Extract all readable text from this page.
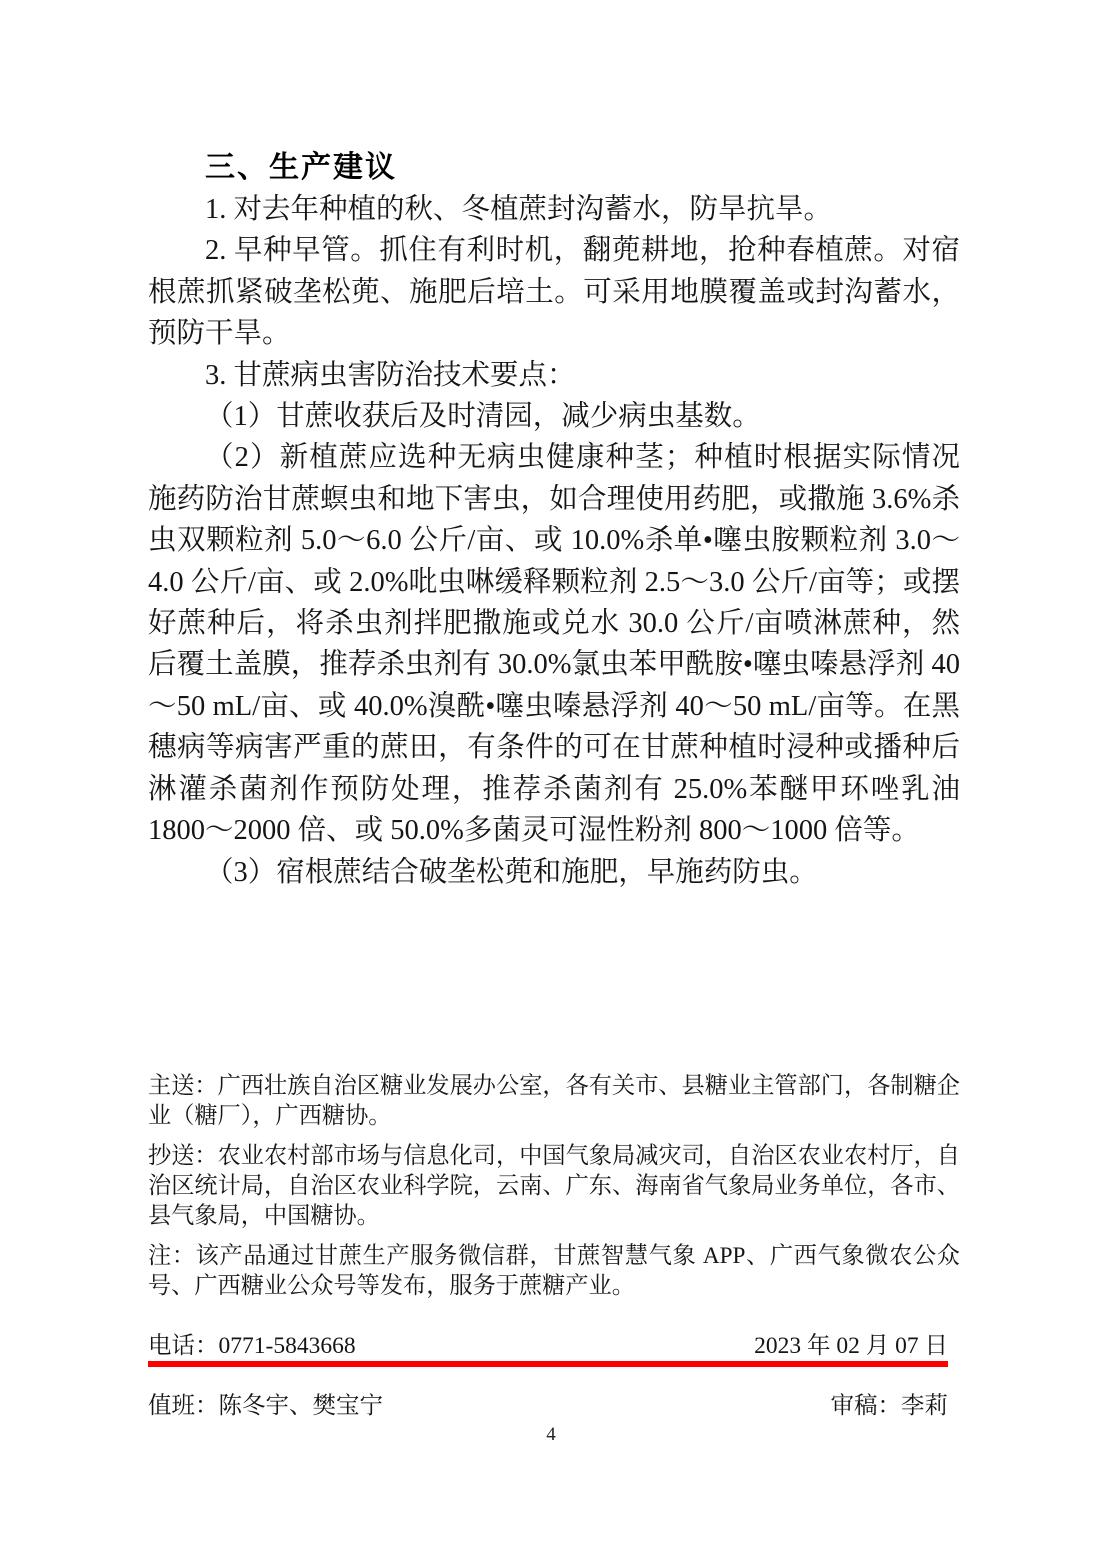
三、生产建议

1. 对去年种植的秋、冬植蔗封沟蓄水，防旱抗旱。

2. 早种早管。抓住有利时机，翻蔸耕地，抢种春植蔗。对宿根蔗抓紧破垄松蔸、施肥后培土。可采用地膜覆盖或封沟蓄水，预防干旱。

3. 甘蔗病虫害防治技术要点：

（1）甘蔗收获后及时清园，减少病虫基数。

（2）新植蔗应选种无病虫健康种茎；种植时根据实际情况施药防治甘蔗螟虫和地下害虫，如合理使用药肥，或撒施 3.6%杀虫双颗粒剂 5.0～6.0 公斤/亩、或 10.0%杀单•噻虫胺颗粒剂 3.0～4.0 公斤/亩、或 2.0%吡虫啉缓释颗粒剂 2.5～3.0 公斤/亩等；或摆好蔗种后，将杀虫剂拌肥撒施或兑水 30.0 公斤/亩喷淋蔗种，然后覆土盖膜，推荐杀虫剂有 30.0%氯虫苯甲酰胺•噻虫嗪悬浮剂 40～50 mL/亩、或 40.0%溴酰•噻虫嗪悬浮剂 40～50 mL/亩等。在黑穗病等病害严重的蔗田，有条件的可在甘蔗种植时浸种或播种后淋灌杀菌剂作预防处理，推荐杀菌剂有 25.0%苯醚甲环唑乳油 1800～2000 倍、或 50.0%多菌灵可湿性粉剂 800～1000 倍等。

（3）宿根蔗结合破垄松蔸和施肥，早施药防虫。

主送：广西壮族自治区糖业发展办公室，各有关市、县糖业主管部门，各制糖企业（糖厂），广西糖协。

抄送：农业农村部市场与信息化司，中国气象局减灾司，自治区农业农村厅，自治区统计局，自治区农业科学院，云南、广东、海南省气象局业务单位，各市、县气象局，中国糖协。

注：该产品通过甘蔗生产服务微信群，甘蔗智慧气象 APP、广西气象微农公众号、广西糖业公众号等发布，服务于蔗糖产业。

电话：0771-5843668	2023 年 02 月 07 日
值班：陈冬宇、樊宝宁	审稿：李莉
4
